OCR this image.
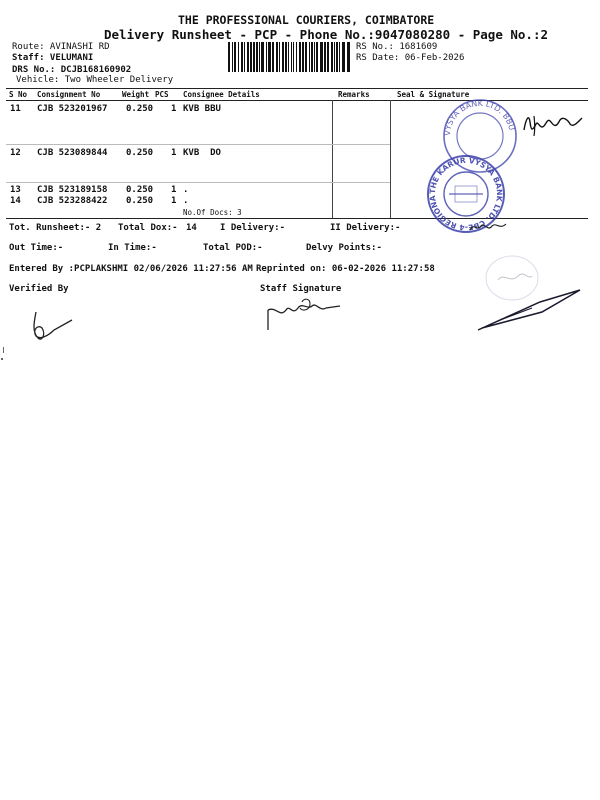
THE PROFESSIONAL COURIERS, COIMBATORE
Delivery Runsheet - PCP - Phone No.:9047080280 - Page No.:2
Route: AVINASHI RD
Staff: VELUMANI
DRS No.: DCJB168160902
Vehicle: Two Wheeler Delivery
RS No.: 1681609
RS Date: 06-Feb-2026
S No Consignment No	Weight PCS Consignee Details	Remarks	Seal & Signature
11 CJB 523201967 0.250 1 KVB BBU
12 CJB 523089844 0.250 1 KVB  DO
13 CJB 523189158 0.250 1 .
14 CJB 523288422 0.250 1 .
No.Of Docs: 3
Tot. Runsheet:- 2 Total Dox:- 14	I Delivery:-	II Delivery:-
Out Time:-	In Time:-	Total POD:-	Delvy Points:-
Entered By :PCPLAKSHMI 02/06/2026 11:27:56 AM Reprinted on: 06-02-2026 11:27:58
Verified By	Staff Signature
VYSYA BANK LTD. BBU
THE KARUR VYSYA BANK LTD. CBE-4 REGIONAL OFFICE
